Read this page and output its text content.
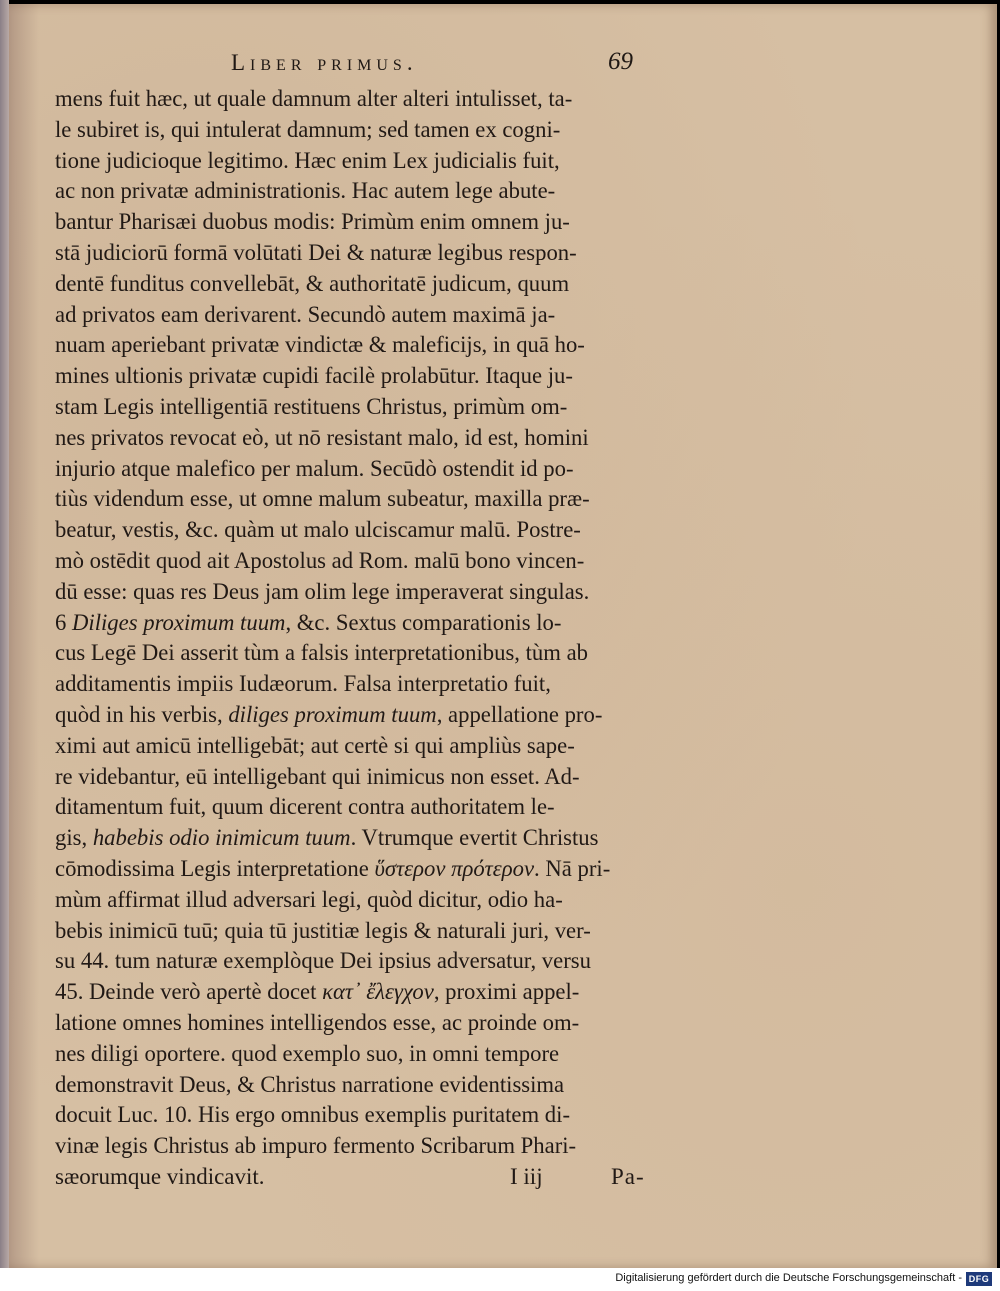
Liber primus.	69
mens fuit hæc, ut quale damnum alter alteri intulisset, ta-
le subiret is, qui intulerat damnum; sed tamen ex cogni-
tione judicioque legitimo. Hæc enim Lex judicialis fuit,
ac non privatæ administrationis. Hac autem lege abute-
bantur Pharisæi duobus modis: Primùm enim omnem ju-
stā judiciorū formā volūtati Dei & naturæ legibus respon-
dentē funditus convellebāt, & authoritatē judicum, quum
ad privatos eam derivarent. Secundò autem maximā ja-
nuam aperiebant privatæ vindictæ & maleficijs, in quā ho-
mines ultionis privatæ cupidi facilè prolabūtur. Itaque ju-
stam Legis intelligentiā restituens Christus, primùm om-
nes privatos revocat eò, ut nō resistant malo, id est, homini
injurio atque malefico per malum. Secūdò ostendit id po-
tiùs videndum esse, ut omne malum subeatur, maxilla præ-
beatur, vestis, &c. quàm ut malo ulciscamur malū. Postre-
mò ostēdit quod ait Apostolus ad Rom. malū bono vincen-
dū esse: quas res Deus jam olim lege imperaverat singulas.
6 Diliges proximum tuum, &c. Sextus comparationis lo-
cus Legē Dei asserit tùm a falsis interpretationibus, tùm ab
additamentis impiis Iudæorum. Falsa interpretatio fuit,
quòd in his verbis, diliges proximum tuum, appellatione pro-
ximi aut amicū intelligebāt; aut certè si qui ampliùs sape-
re videbantur, eū intelligebant qui inimicus non esset. Ad-
ditamentum fuit, quum dicerent contra authoritatem le-
gis, habebis odio inimicum tuum. Vtrumque evertit Christus
cōmodissima Legis interpretatione ὕστερον πρότερον. Nā pri-
mùm affirmat illud adversari legi, quòd dicitur, odio ha-
bebis inimicū tuū; quia tū justitiæ legis & naturali juri, ver-
su 44. tum naturæ exemplòque Dei ipsius adversatur, versu
45. Deinde verò apertè docet κατ᾽ ἔλεγχον, proximi appel-
latione omnes homines intelligendos esse, ac proinde om-
nes diligi oportere. quod exemplo suo, in omni tempore
demonstravit Deus, & Christus narratione evidentissima
docuit Luc. 10. His ergo omnibus exemplis puritatem di-
vinæ legis Christus ab impuro fermento Scribarum Phari-
sæorumque vindicavit.	I iij	Pa-
Digitalisierung gefördert durch die Deutsche Forschungsgemeinschaft - DFG
